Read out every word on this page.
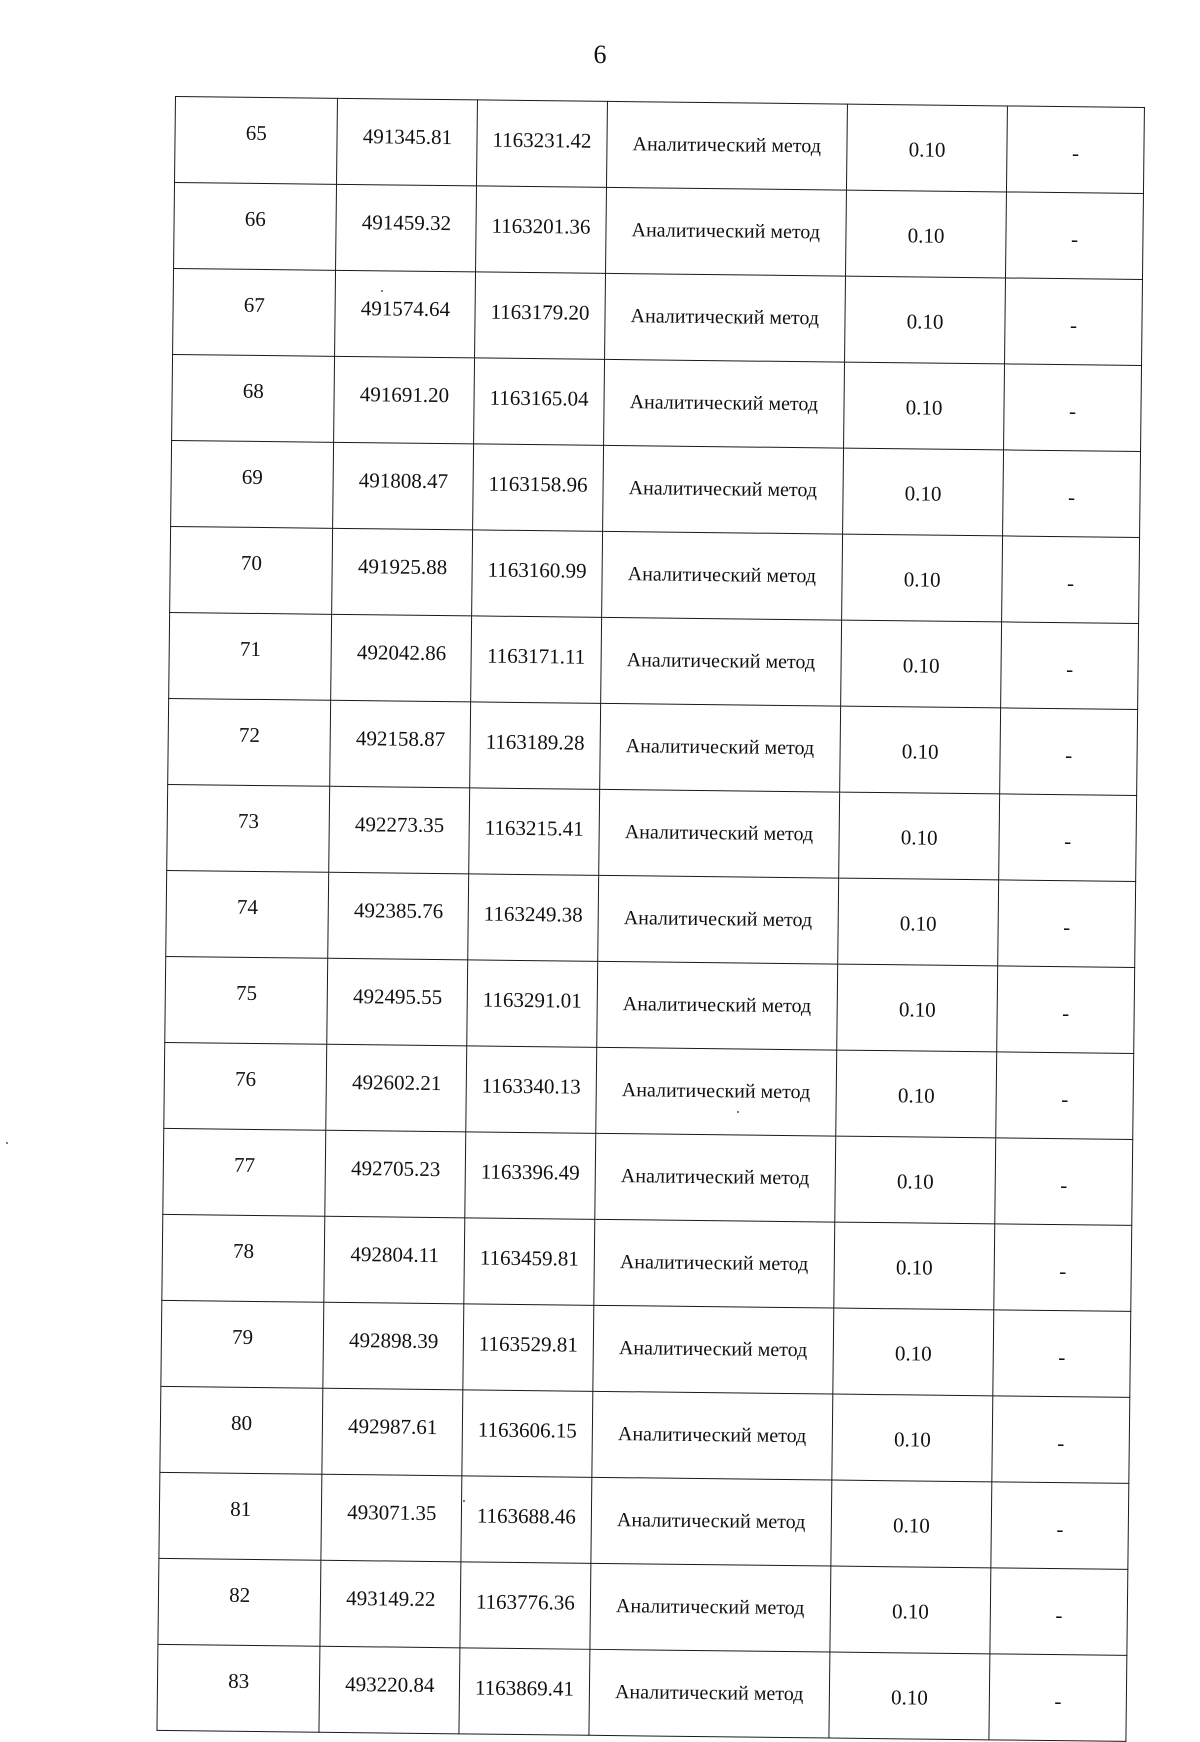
6
65	491345.81	1163231.42	Аналитический метод	0.10	-
66	491459.32	1163201.36	Аналитический метод	0.10	-
67	491574.64	1163179.20	Аналитический метод	0.10	-
68	491691.20	1163165.04	Аналитический метод	0.10	-
69	491808.47	1163158.96	Аналитический метод	0.10	-
70	491925.88	1163160.99	Аналитический метод	0.10	-
71	492042.86	1163171.11	Аналитический метод	0.10	-
72	492158.87	1163189.28	Аналитический метод	0.10	-
73	492273.35	1163215.41	Аналитический метод	0.10	-
74	492385.76	1163249.38	Аналитический метод	0.10	-
75	492495.55	1163291.01	Аналитический метод	0.10	-
76	492602.21	1163340.13	Аналитический метод	0.10	-
77	492705.23	1163396.49	Аналитический метод	0.10	-
78	492804.11	1163459.81	Аналитический метод	0.10	-
79	492898.39	1163529.81	Аналитический метод	0.10	-
80	492987.61	1163606.15	Аналитический метод	0.10	-
81	493071.35	1163688.46	Аналитический метод	0.10	-
82	493149.22	1163776.36	Аналитический метод	0.10	-
83	493220.84	1163869.41	Аналитический метод	0.10	-
